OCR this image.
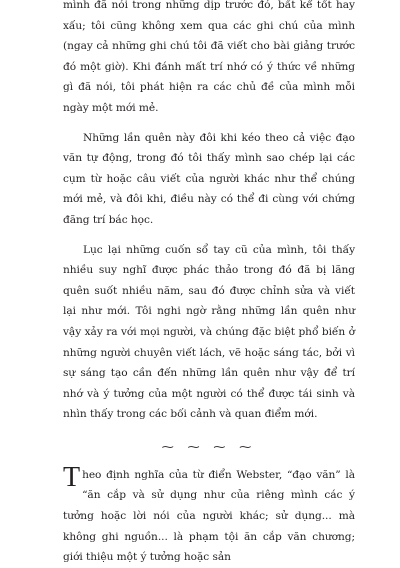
mình đã nói trong những dịp trước đó, bất kể tốt hay xấu; tôi cũng không xem qua các ghi chú của mình (ngay cả những ghi chú tôi đã viết cho bài giảng trước đó một giờ). Khi đánh mất trí nhớ có ý thức về những gì đã nói, tôi phát hiện ra các chủ đề của mình mỗi ngày một mới mẻ.

Những lần quên này đôi khi kéo theo cả việc đạo văn tự động, trong đó tôi thấy mình sao chép lại các cụm từ hoặc câu viết của người khác như thể chúng mới mẻ, và đôi khi, điều này có thể đi cùng với chứng đãng trí bác học.

Lục lại những cuốn sổ tay cũ của mình, tôi thấy nhiều suy nghĩ được phác thảo trong đó đã bị lãng quên suốt nhiều năm, sau đó được chỉnh sửa và viết lại như mới. Tôi nghi ngờ rằng những lần quên như vậy xảy ra với mọi người, và chúng đặc biệt phổ biến ở những người chuyên viết lách, vẽ hoặc sáng tác, bởi vì sự sáng tạo cần đến những lần quên như vậy để trí nhớ và ý tưởng của một người có thể được tái sinh và nhìn thấy trong các bối cảnh và quan điểm mới.

⁓ ⁓ ⁓ ⁓

Theo định nghĩa của từ điển Webster, “đạo văn” là “ăn cắp và sử dụng như của riêng mình các ý tưởng hoặc lời nói của người khác; sử dụng... mà không ghi nguồn... là phạm tội ăn cắp văn chương; giới thiệu một ý tưởng hoặc sản
